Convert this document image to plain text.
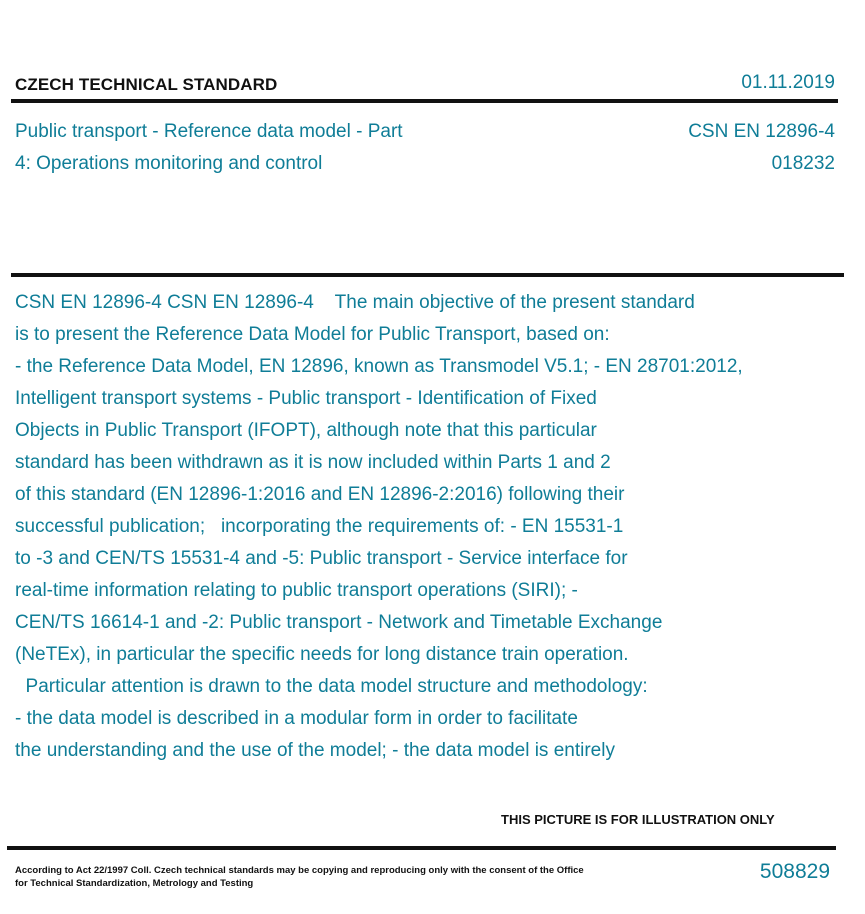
CZECH TECHNICAL STANDARD	01.11.2019
Public transport - Reference data model - Part
4: Operations monitoring and control
CSN EN 12896-4
018232
CSN EN 12896-4 CSN EN 12896-4    The main objective of the present standard
is to present the Reference Data Model for Public Transport, based on:
- the Reference Data Model, EN 12896, known as Transmodel V5.1; - EN 28701:2012,
Intelligent transport systems - Public transport - Identification of Fixed
Objects in Public Transport (IFOPT), although note that this particular
standard has been withdrawn as it is now included within Parts 1 and 2
of this standard (EN 12896-1:2016 and EN 12896-2:2016) following their
successful publication;   incorporating the requirements of: - EN 15531-1
to -3 and CEN/TS 15531-4 and -5: Public transport - Service interface for
real-time information relating to public transport operations (SIRI); -
CEN/TS 16614-1 and -2: Public transport - Network and Timetable Exchange
(NeTEx), in particular the specific needs for long distance train operation.
Particular attention is drawn to the data model structure and methodology:
- the data model is described in a modular form in order to facilitate
the understanding and the use of the model; - the data model is entirely
THIS PICTURE IS FOR ILLUSTRATION ONLY
According to Act 22/1997 Coll. Czech technical standards may be copying and reproducing only with the consent of the Office
for Technical Standardization, Metrology and Testing
508829
